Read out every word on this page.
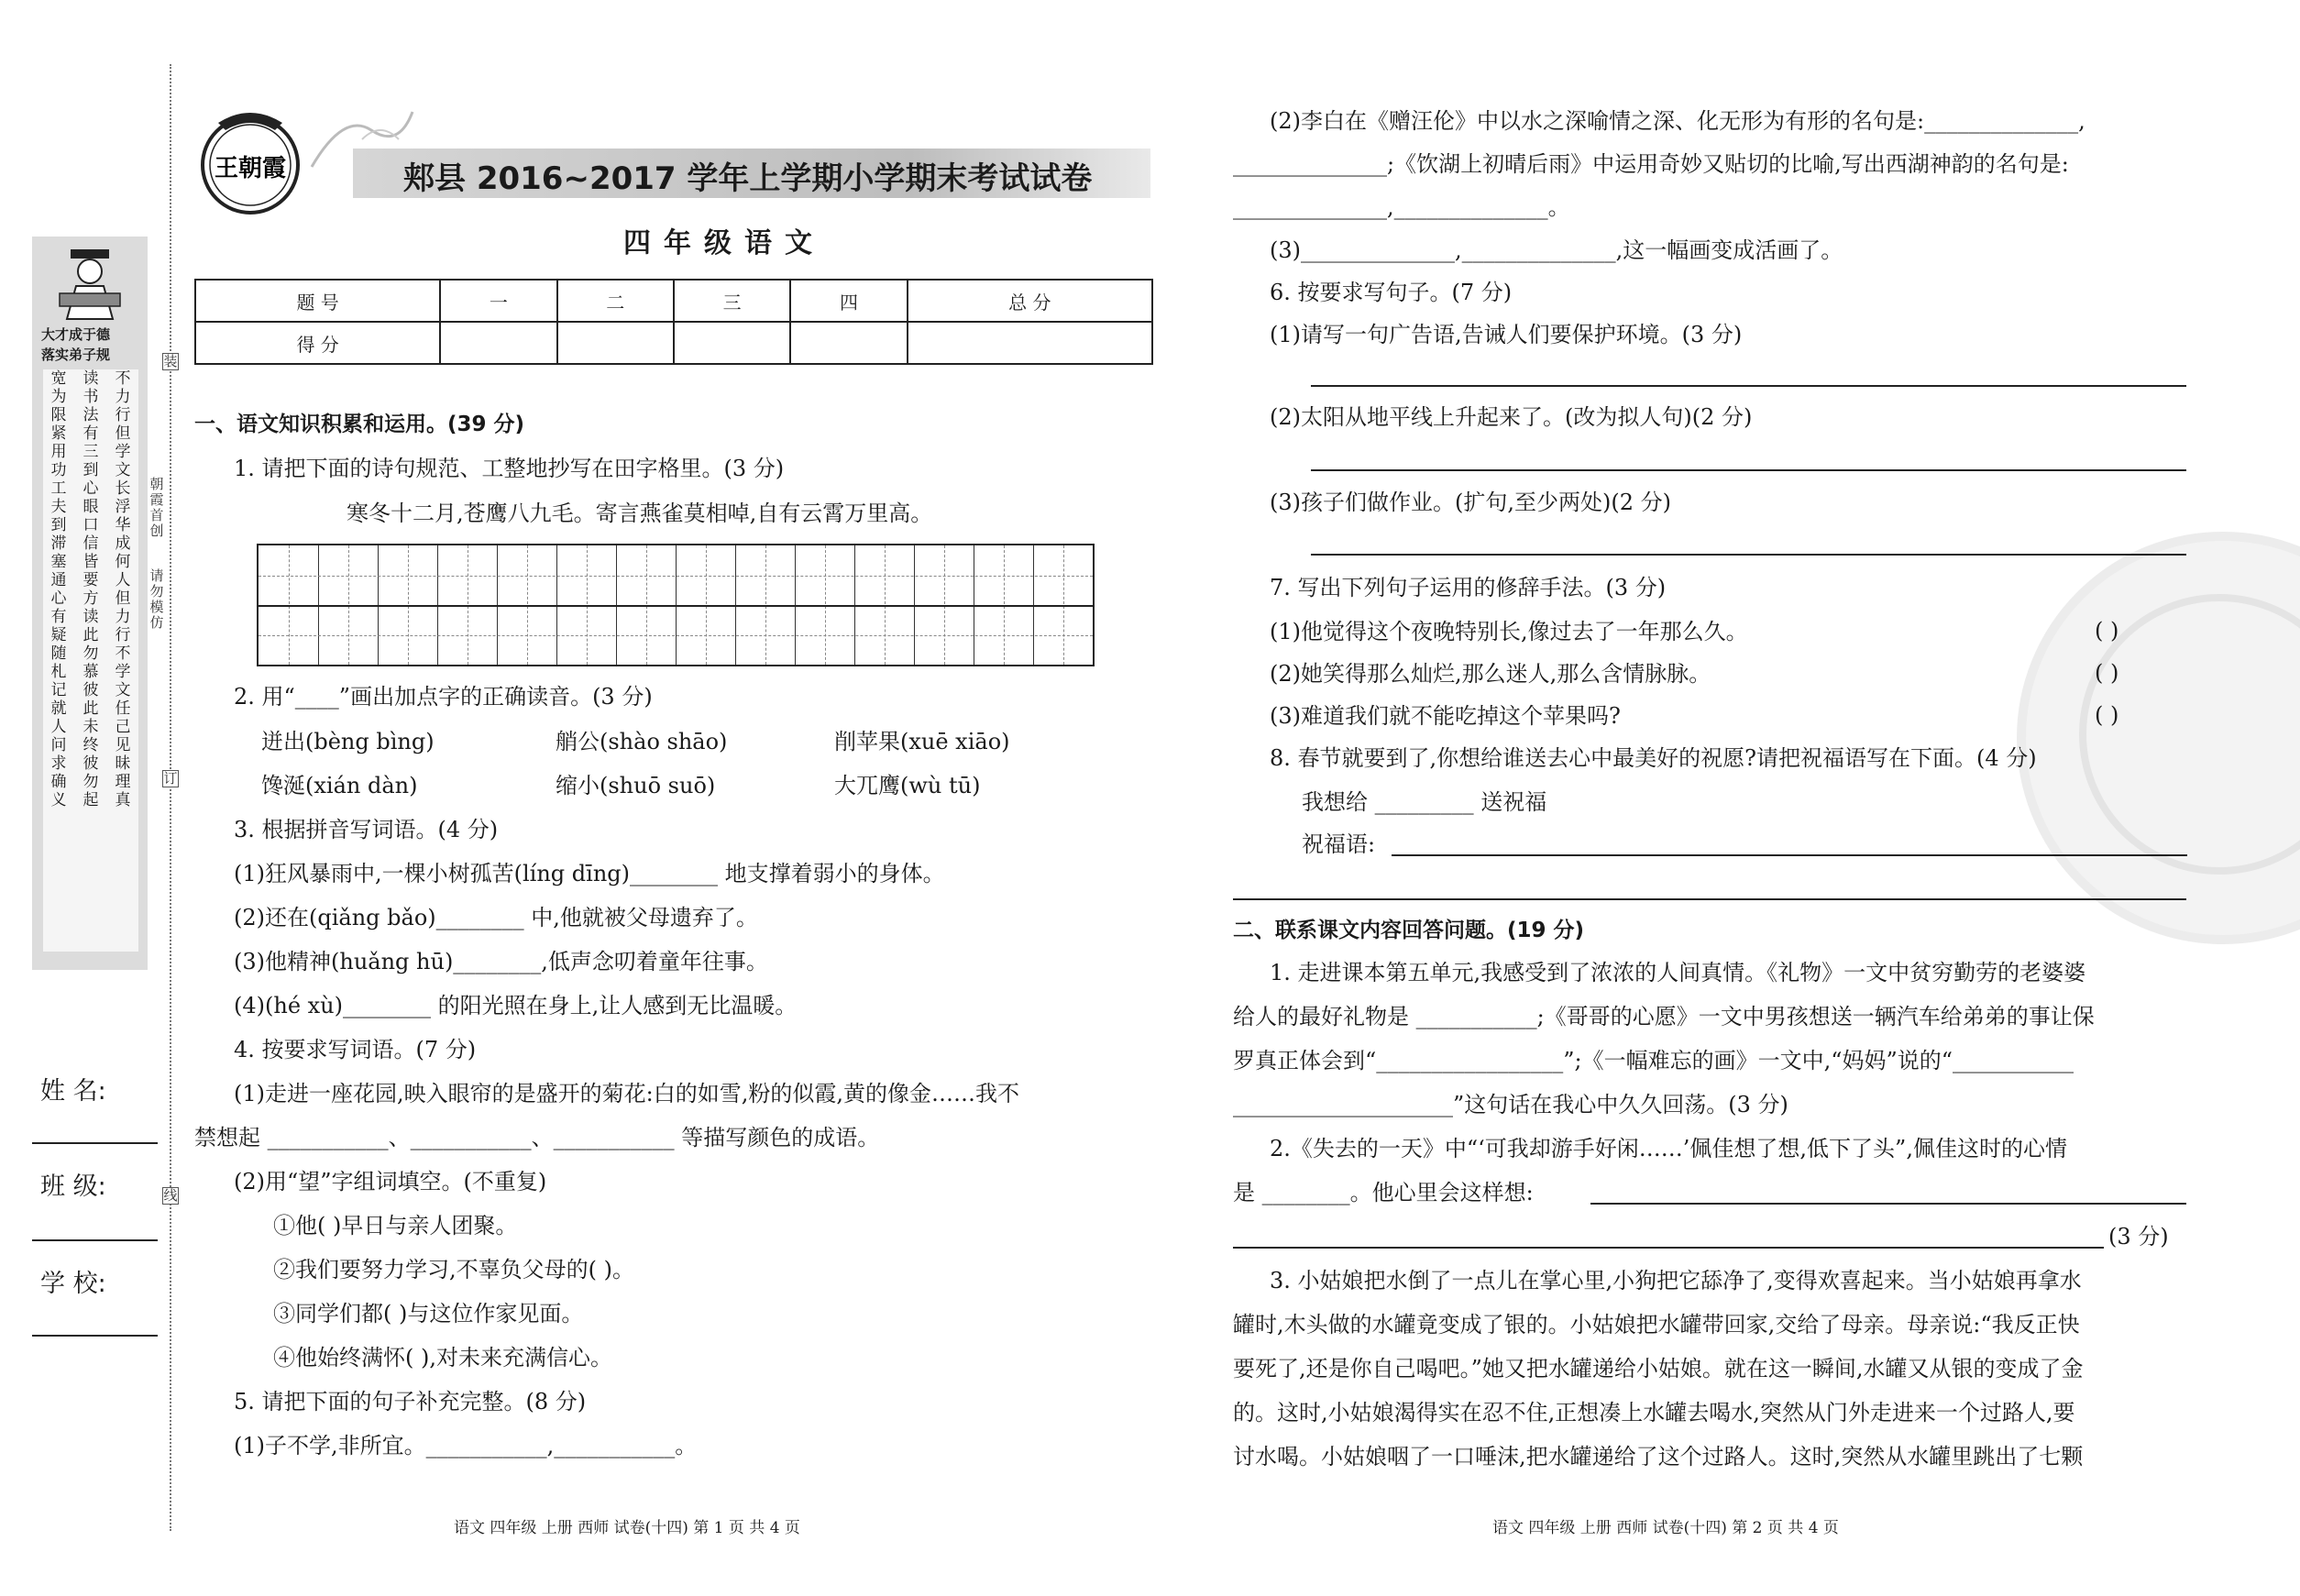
装
朝霞首创
请勿模仿
订
线
大才成于德
落实弟子规
宽为限紧用功工夫到滞塞通心有疑随札记就人问求确义
读书法有三到心眼口信皆要方读此勿慕彼此未终彼勿起
不力行但学文长浮华成何人但力行不学文任己见昧理真
姓 名:
班 级:
学 校:
王朝霞	郏县 2016~2017 学年上学期小学期末考试试卷
四年级语文
题 号	一	二	三	四	总 分
得 分					
一、语文知识积累和运用。(39 分)
1. 请把下面的诗句规范、工整地抄写在田字格里。(3 分)
寒冬十二月,苍鹰八九毛。寄言燕雀莫相啅,自有云霄万里高。
2. 用“____”画出加点字的正确读音。(3 分)
迸出(bèng bìng)	艄公(shào shāo)	削苹果(xuē xiāo)
馋涎(xián dàn)	缩小(shuō suō)	大兀鹰(wù tū)
3. 根据拼音写词语。(4 分)
(1)狂风暴雨中,一棵小树孤苦(líng dīng)________ 地支撑着弱小的身体。
(2)还在(qiǎng bǎo)________ 中,他就被父母遗弃了。
(3)他精神(huǎng hū)________,低声念叨着童年往事。
(4)(hé xù)________ 的阳光照在身上,让人感到无比温暖。
4. 按要求写词语。(7 分)
(1)走进一座花园,映入眼帘的是盛开的菊花:白的如雪,粉的似霞,黄的像金……我不
禁想起 ___________、___________、___________ 等描写颜色的成语。
(2)用“望”字组词填空。(不重复)
①他( )早日与亲人团聚。
②我们要努力学习,不辜负父母的( )。
③同学们都( )与这位作家见面。
④他始终满怀( ),对未来充满信心。
5. 请把下面的句子补充完整。(8 分)
(1)子不学,非所宜。___________,___________。
语文 四年级 上册 西师 试卷(十四) 第 1 页 共 4 页
(2)李白在《赠汪伦》中以水之深喻情之深、化无形为有形的名句是:______________,
______________;《饮湖上初晴后雨》中运用奇妙又贴切的比喻,写出西湖神韵的名句是:
______________,______________。
(3)______________,______________,这一幅画变成活画了。
6. 按要求写句子。(7 分)
(1)请写一句广告语,告诫人们要保护环境。(3 分)
(2)太阳从地平线上升起来了。(改为拟人句)(2 分)
(3)孩子们做作业。(扩句,至少两处)(2 分)
7. 写出下列句子运用的修辞手法。(3 分)
(1)他觉得这个夜晚特别长,像过去了一年那么久。	( )
(2)她笑得那么灿烂,那么迷人,那么含情脉脉。	( )
(3)难道我们就不能吃掉这个苹果吗?	( )
8. 春节就要到了,你想给谁送去心中最美好的祝愿?请把祝福语写在下面。(4 分)
我想给 _________ 送祝福
祝福语:
二、联系课文内容回答问题。(19 分)
1. 走进课本第五单元,我感受到了浓浓的人间真情。《礼物》一文中贫穷勤劳的老婆婆
给人的最好礼物是 ___________;《哥哥的心愿》一文中男孩想送一辆汽车给弟弟的事让保
罗真正体会到“_________________”;《一幅难忘的画》一文中,“妈妈”说的“___________
____________________”这句话在我心中久久回荡。(3 分)
2.《失去的一天》中“‘可我却游手好闲……’佩佳想了想,低下了头”,佩佳这时的心情
是 ________。他心里会这样想:
(3 分)
3. 小姑娘把水倒了一点儿在掌心里,小狗把它舔净了,变得欢喜起来。当小姑娘再拿水
罐时,木头做的水罐竟变成了银的。小姑娘把水罐带回家,交给了母亲。母亲说:“我反正快
要死了,还是你自己喝吧。”她又把水罐递给小姑娘。就在这一瞬间,水罐又从银的变成了金
的。这时,小姑娘渴得实在忍不住,正想凑上水罐去喝水,突然从门外走进来一个过路人,要
讨水喝。小姑娘咽了一口唾沫,把水罐递给了这个过路人。这时,突然从水罐里跳出了七颗
语文 四年级 上册 西师 试卷(十四) 第 2 页 共 4 页
